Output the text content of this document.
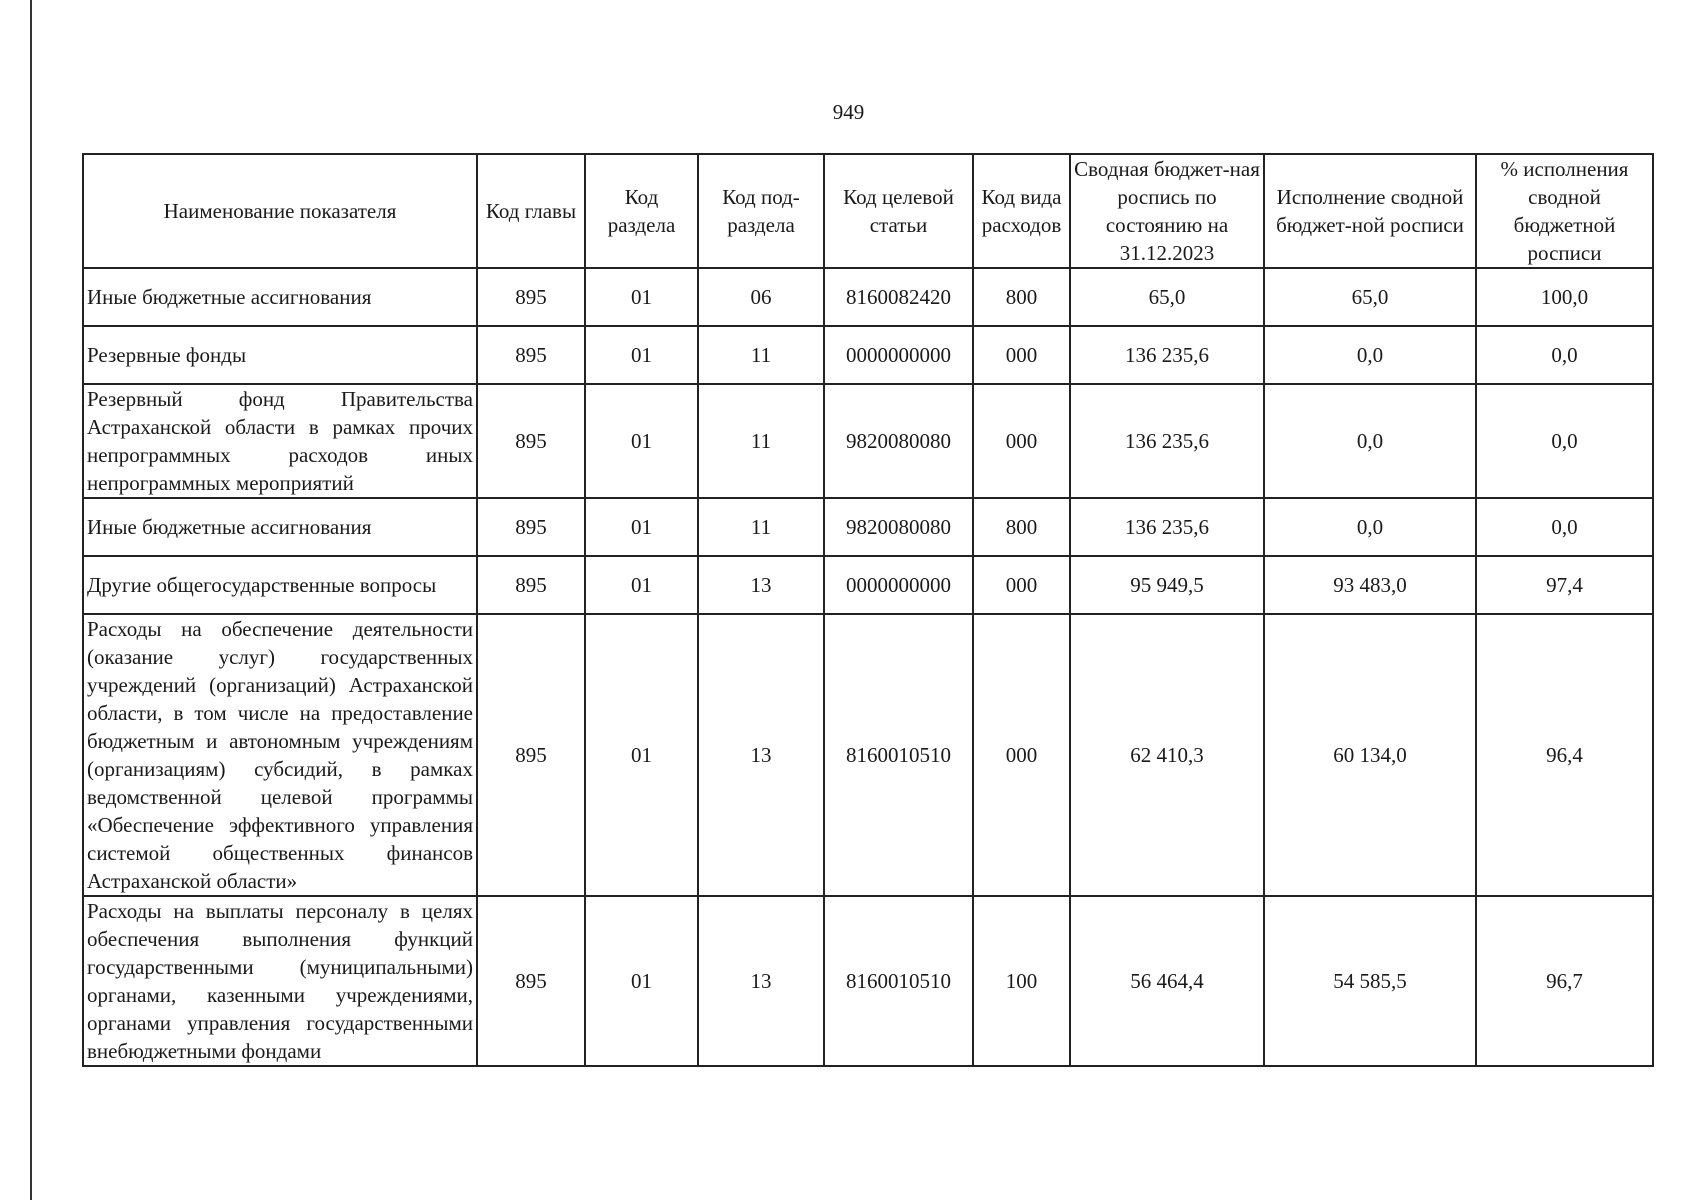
949
Наименование показателя	Код главы	Код раздела	Код под-раздела	Код целевой статьи	Код вида расходов	Сводная бюджет-ная роспись по состоянию на 31.12.2023	Исполнение сводной бюджет-ной росписи	% исполнения сводной бюджетной росписи
Иные бюджетные ассигнования	895	01	06	8160082420	800	65,0	65,0	100,0
Резервные фонды	895	01	11	0000000000	000	136 235,6	0,0	0,0
Резервный фонд Правительства Астраханской области в рамках прочих непрограммных расходов иных непрограммных мероприятий	895	01	11	9820080080	000	136 235,6	0,0	0,0
Иные бюджетные ассигнования	895	01	11	9820080080	800	136 235,6	0,0	0,0
Другие общегосударственные вопросы	895	01	13	0000000000	000	95 949,5	93 483,0	97,4
Расходы на обеспечение деятельности (оказание услуг) государственных учреждений (организаций) Астраханской области, в том числе на предоставление бюджетным и автономным учреждениям (организациям) субсидий, в рамках ведомственной целевой программы «Обеспечение эффективного управления системой общественных финансов Астраханской области»	895	01	13	8160010510	000	62 410,3	60 134,0	96,4
Расходы на выплаты персоналу в целях обеспечения выполнения функций государственными (муниципальными) органами, казенными учреждениями, органами управления государственными внебюджетными фондами	895	01	13	8160010510	100	56 464,4	54 585,5	96,7
